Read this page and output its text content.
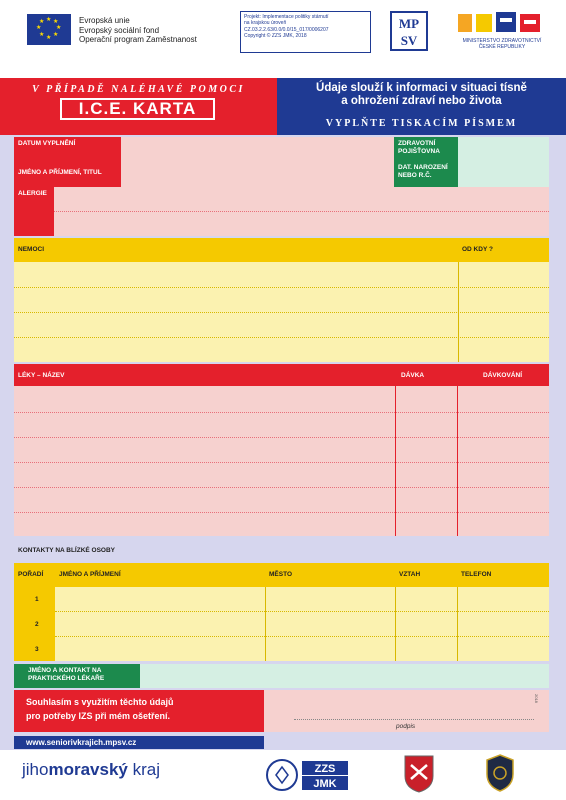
★ ★
★
★
★
★
★
★	Evropská unie
Evropský sociální fond
Operační program Zaměstnanost
Projekt: Implementace politiky stárnutí
na krajskou úroveň
CZ.03.2.2.63/0.0/0.0/15_017/0006207
Copyright © ZZS JMK, 2018
MP
SV	MINISTERSTVO ZDRAVOTNICTVÍ
ČESKÉ REPUBLIKY
V PŘÍPADĚ NALÉHAVÉ POMOCI
I.C.E. KARTA
Údaje slouží k informaci v situaci tísně
a ohrožení zdraví nebo života
VYPLŇTE TISKACÍM PÍSMEM
DATUM VYPLNĚNÍ	ZDRAVOTNÍ
POJIŠŤOVNA
JMÉNO A PŘÍJMENÍ, TITUL
DAT. NAROZENÍ
NEBO R.Č.
ALERGIE
NEMOCI	OD KDY ?
LÉKY – NÁZEV	DÁVKA	DÁVKOVÁNÍ
KONTAKTY NA BLÍZKÉ OSOBY
POŘADÍ	JMÉNO A PŘÍJMENÍ	MĚSTO	VZTAH	TELEFON
1
2
3
JMÉNO A KONTAKT NA
PRAKTICKÉHO LÉKAŘE
Souhlasím s využitím těchto údajů
pro potřeby IZS při mém ošetření.
podpis
2018
www.seniorivkrajich.mpsv.cz
jihomoravský kraj	ZZS
JMK
